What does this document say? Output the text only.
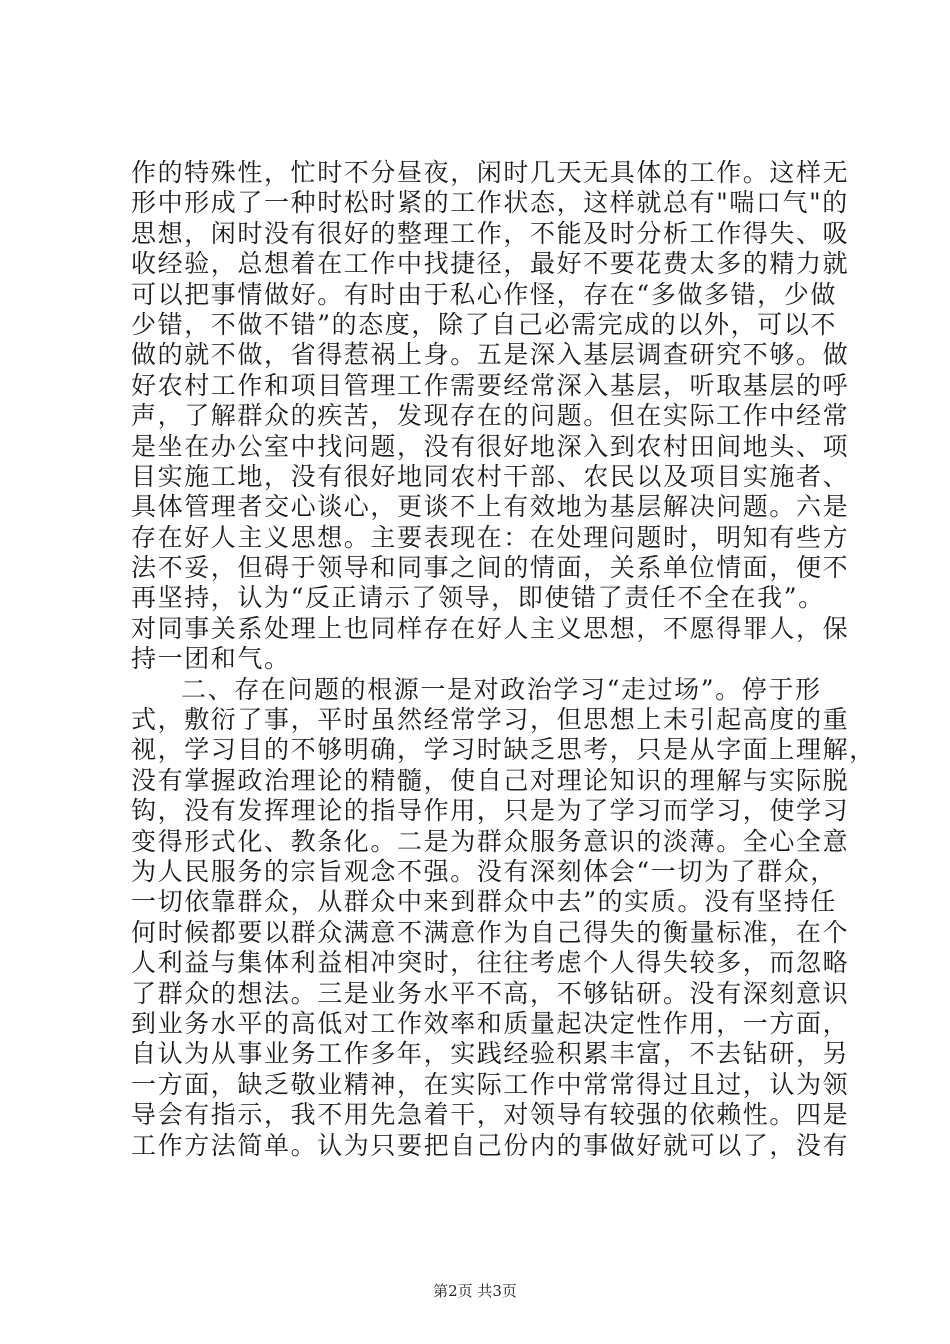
作的特殊性，忙时不分昼夜，闲时几天无具体的工作。这样无
形中形成了一种时松时紧的工作状态，这样就总有"喘口气"的
思想，闲时没有很好的整理工作，不能及时分析工作得失、吸
收经验，总想着在工作中找捷径，最好不要花费太多的精力就
可以把事情做好。有时由于私心作怪，存在“多做多错，少做
少错，不做不错”的态度，除了自己必需完成的以外，可以不
做的就不做，省得惹祸上身。五是深入基层调查研究不够。做
好农村工作和项目管理工作需要经常深入基层，听取基层的呼
声，了解群众的疾苦，发现存在的问题。但在实际工作中经常
是坐在办公室中找问题，没有很好地深入到农村田间地头、项
目实施工地，没有很好地同农村干部、农民以及项目实施者、
具体管理者交心谈心，更谈不上有效地为基层解决问题。六是
存在好人主义思想。主要表现在：在处理问题时，明知有些方
法不妥，但碍于领导和同事之间的情面，关系单位情面，便不
再坚持，认为“反正请示了领导，即使错了责任不全在我”。
对同事关系处理上也同样存在好人主义思想，不愿得罪人，保
持一团和气。
二、存在问题的根源一是对政治学习“走过场”。停于形
式，敷衍了事，平时虽然经常学习，但思想上未引起高度的重
视，学习目的不够明确，学习时缺乏思考，只是从字面上理解，
没有掌握政治理论的精髓，使自己对理论知识的理解与实际脱
钩，没有发挥理论的指导作用，只是为了学习而学习，使学习
变得形式化、教条化。二是为群众服务意识的淡薄。全心全意
为人民服务的宗旨观念不强。没有深刻体会“一切为了群众，
一切依靠群众，从群众中来到群众中去”的实质。没有坚持任
何时候都要以群众满意不满意作为自己得失的衡量标准，在个
人利益与集体利益相冲突时，往往考虑个人得失较多，而忽略
了群众的想法。三是业务水平不高，不够钻研。没有深刻意识
到业务水平的高低对工作效率和质量起决定性作用，一方面，
自认为从事业务工作多年，实践经验积累丰富，不去钻研，另
一方面，缺乏敬业精神，在实际工作中常常得过且过，认为领
导会有指示，我不用先急着干，对领导有较强的依赖性。四是
工作方法简单。认为只要把自己份内的事做好就可以了，没有
第2页 共3页
